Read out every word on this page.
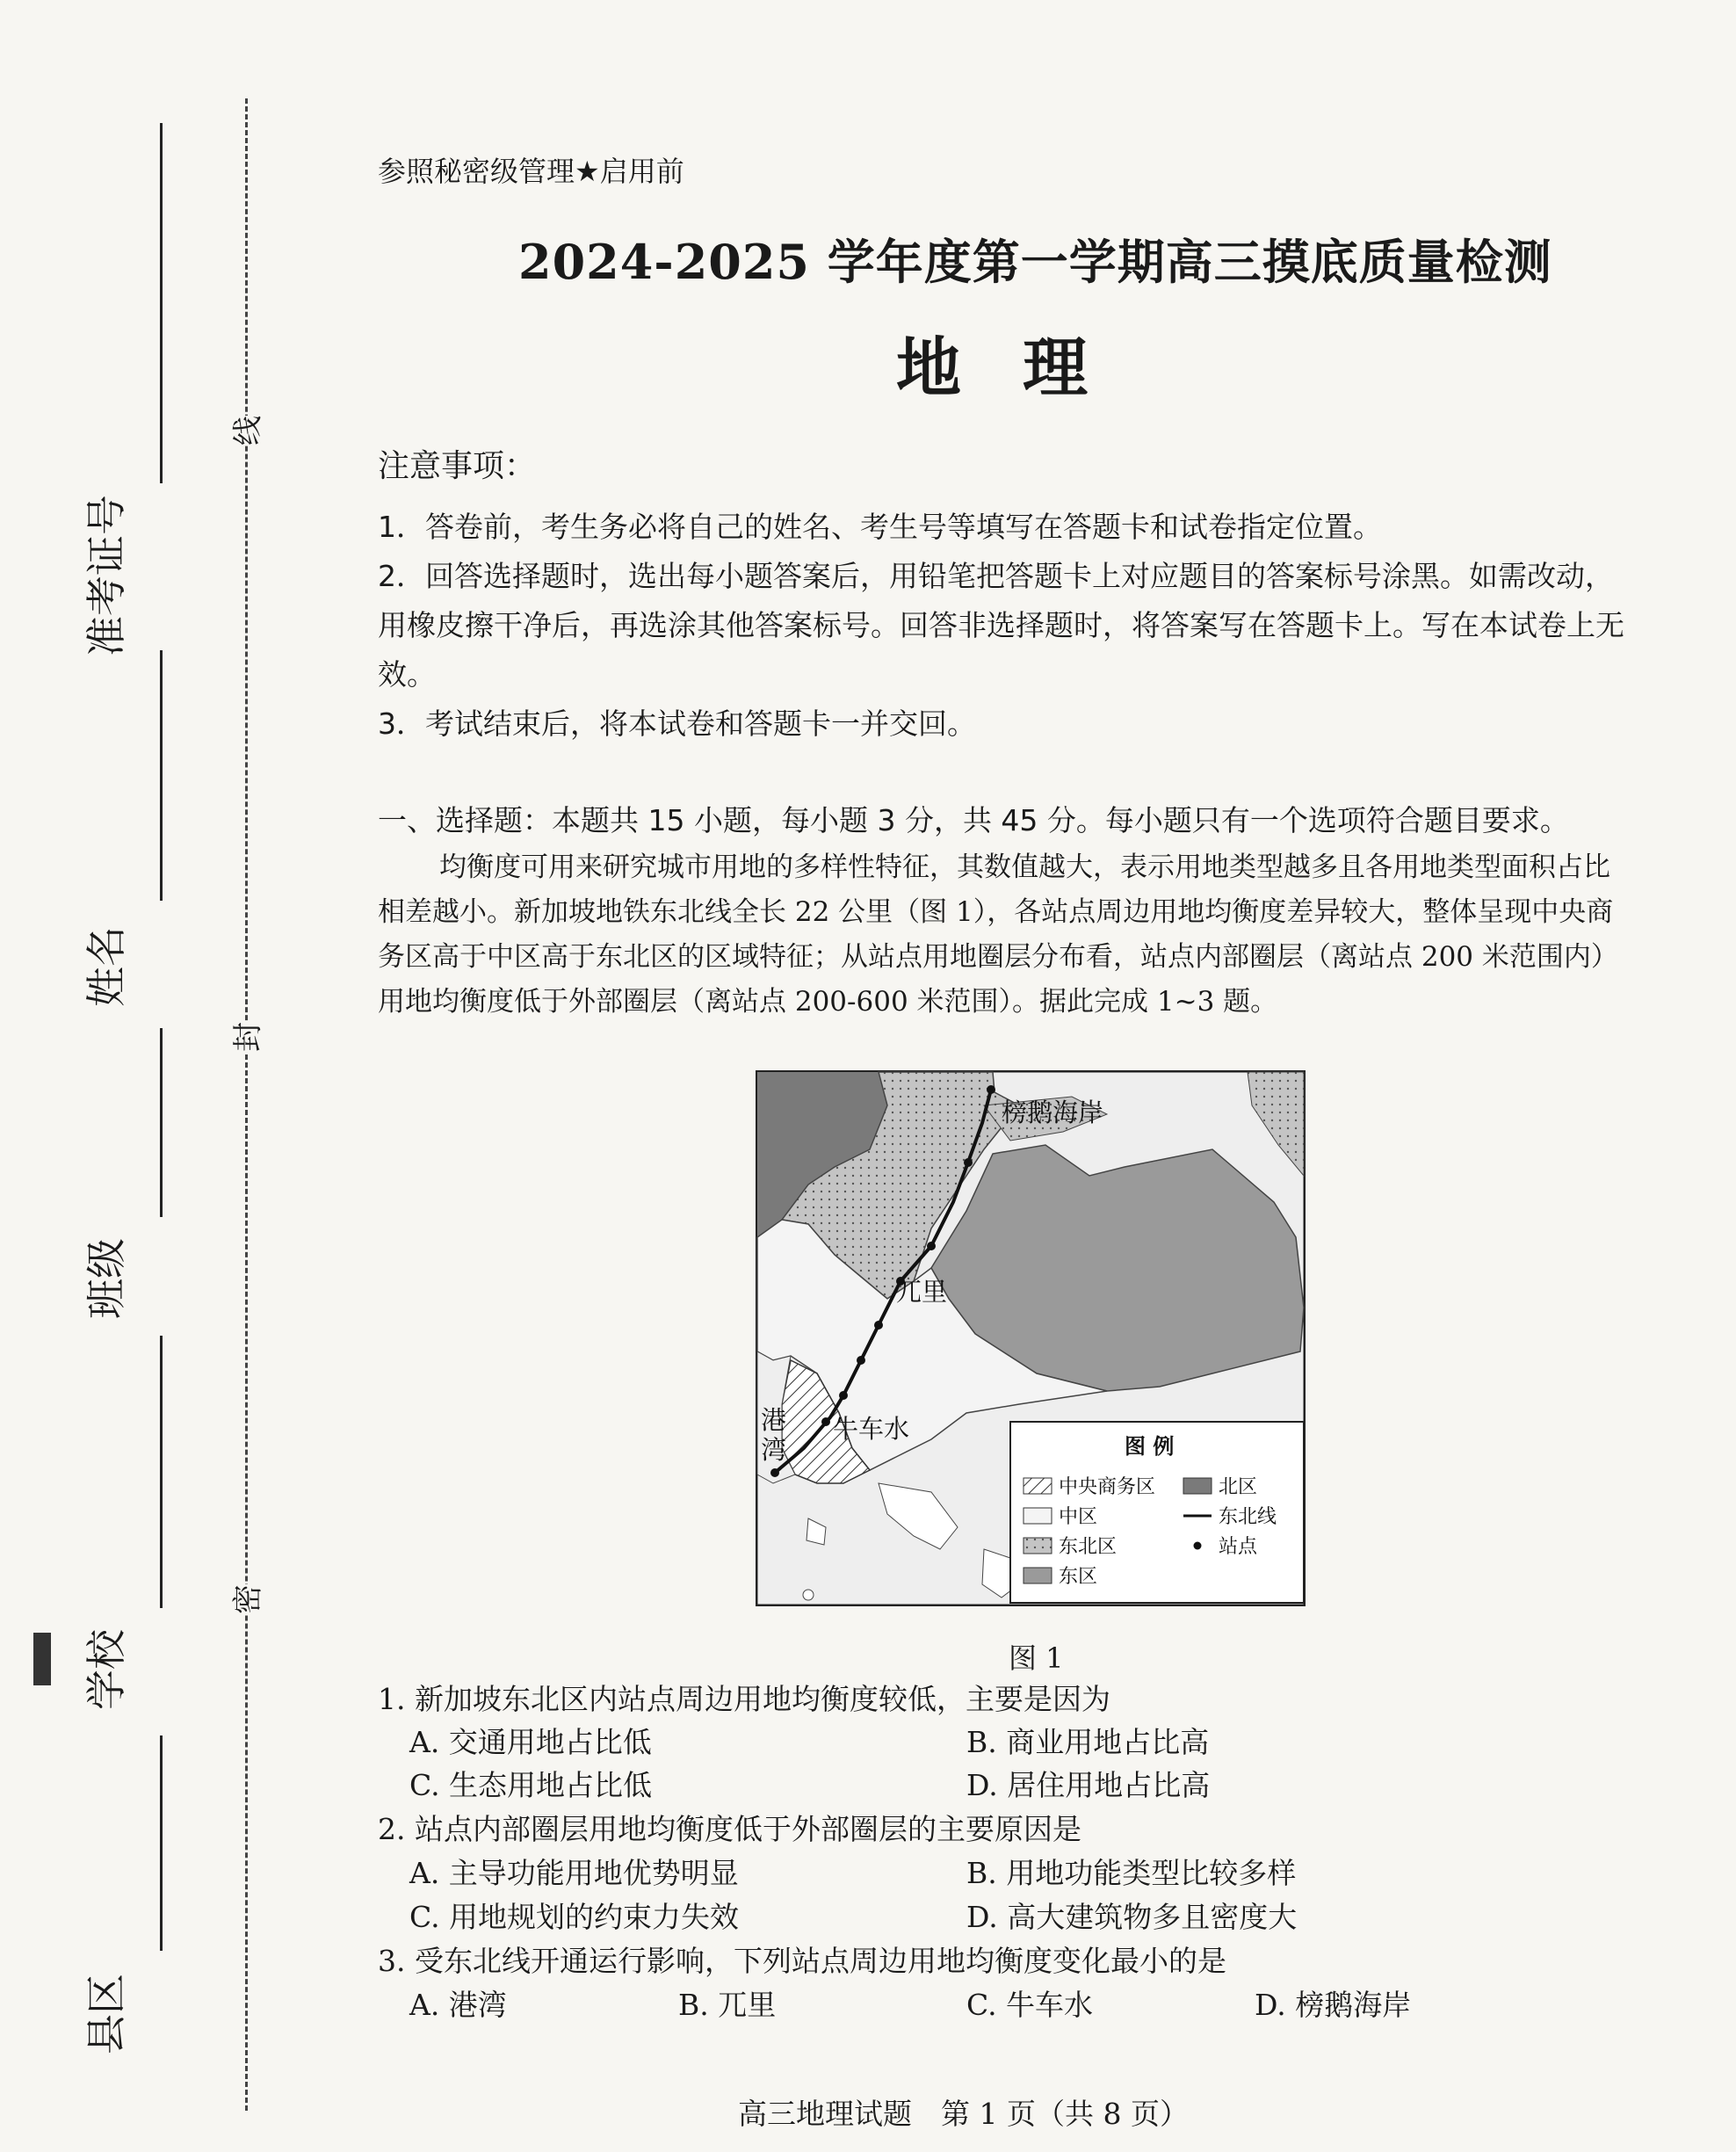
准考证号
姓名
班级
学校
县区
线
封
密
参照秘密级管理★启用前
2024-2025 学年度第一学期高三摸底质量检测
地理
注意事项：

1．答卷前，考生务必将自己的姓名、考生号等填写在答题卡和试卷指定位置。

2．回答选择题时，选出每小题答案后，用铅笔把答题卡上对应题目的答案标号涂黑。如需改动，用橡皮擦干净后，再选涂其他答案标号。回答非选择题时，将答案写在答题卡上。写在本试卷上无效。

3．考试结束后，将本试卷和答题卡一并交回。

一、选择题：本题共 15 小题，每小题 3 分，共 45 分。每小题只有一个选项符合题目要求。
均衡度可用来研究城市用地的多样性特征，其数值越大，表示用地类型越多且各用地类型面积占比相差越小。新加坡地铁东北线全长 22 公里（图 1），各站点周边用地均衡度差异较大，整体呈现中央商务区高于中区高于东北区的区域特征；从站点用地圈层分布看，站点内部圈层（离站点 200 米范围内）用地均衡度低于外部圈层（离站点 200-600 米范围）。据此完成 1~3 题。
榜鹅海岸
兀里
牛车水
港
湾	图 例
中央商务区	北区
中区	东北线
东北区	站点
东区
图 1
1. 新加坡东北区内站点周边用地均衡度较低，主要是因为
A. 交通用地占比低	B. 商业用地占比高
C. 生态用地占比低	D. 居住用地占比高
2. 站点内部圈层用地均衡度低于外部圈层的主要原因是
A. 主导功能用地优势明显	B. 用地功能类型比较多样
C. 用地规划的约束力失效	D. 高大建筑物多且密度大
3. 受东北线开通运行影响，下列站点周边用地均衡度变化最小的是
A. 港湾	B. 兀里	C. 牛车水	D. 榜鹅海岸
高三地理试题　第 1 页（共 8 页）
